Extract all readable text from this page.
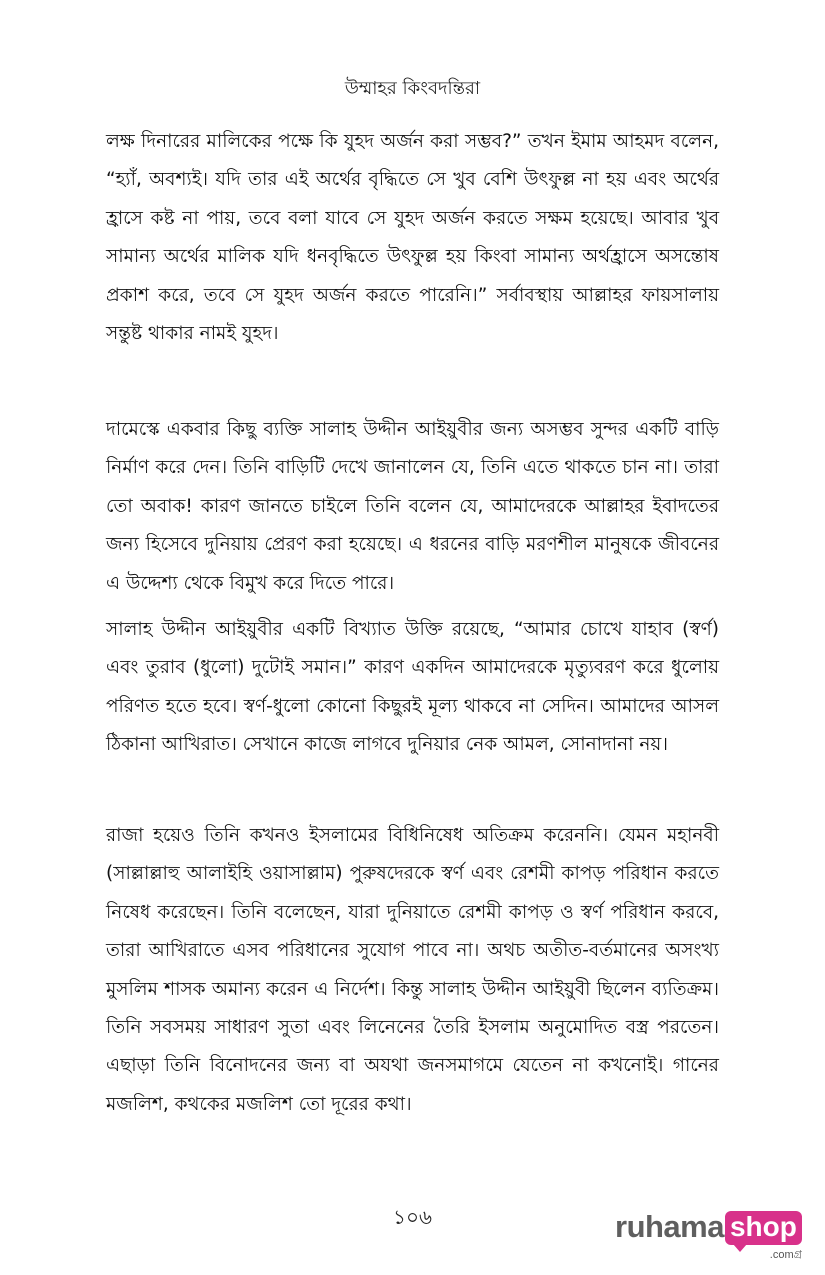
উম্মাহর কিংবদন্তিরা

লক্ষ দিনারের মালিকের পক্ষে কি যুহদ অর্জন করা সম্ভব?” তখন ইমাম আহমদ বলেন, “হ্যাঁ, অবশ্যই। যদি তার এই অর্থের বৃদ্ধিতে সে খুব বেশি উৎফুল্ল না হয় এবং অর্থের হ্রাসে কষ্ট না পায়, তবে বলা যাবে সে যুহদ অর্জন করতে সক্ষম হয়েছে। আবার খুব সামান্য অর্থের মালিক যদি ধনবৃদ্ধিতে উৎফুল্ল হয় কিংবা সামান্য অর্থহ্রাসে অসন্তোষ প্রকাশ করে, তবে সে যুহদ অর্জন করতে পারেনি।” সর্বাবস্থায় আল্লাহর ফায়সালায় সন্তুষ্ট থাকার নামই যুহদ।

দামেস্কে একবার কিছু ব্যক্তি সালাহ উদ্দীন আইয়ুবীর জন্য অসম্ভব সুন্দর একটি বাড়ি নির্মাণ করে দেন। তিনি বাড়িটি দেখে জানালেন যে, তিনি এতে থাকতে চান না। তারা তো অবাক! কারণ জানতে চাইলে তিনি বলেন যে, আমাদেরকে আল্লাহর ইবাদতের জন্য হিসেবে দুনিয়ায় প্রেরণ করা হয়েছে। এ ধরনের বাড়ি মরণশীল মানুষকে জীবনের এ উদ্দেশ্য থেকে বিমুখ করে দিতে পারে।

সালাহ উদ্দীন আইয়ুবীর একটি বিখ্যাত উক্তি রয়েছে, “আমার চোখে যাহাব (স্বর্ণ) এবং তুরাব (ধুলো) দুটোই সমান।” কারণ একদিন আমাদেরকে মৃত্যুবরণ করে ধুলোয় পরিণত হতে হবে। স্বর্ণ-ধুলো কোনো কিছুরই মূল্য থাকবে না সেদিন। আমাদের আসল ঠিকানা আখিরাত। সেখানে কাজে লাগবে দুনিয়ার নেক আমল, সোনাদানা নয়।

রাজা হয়েও তিনি কখনও ইসলামের বিধিনিষেধ অতিক্রম করেননি। যেমন মহানবী (সাল্লাল্লাহু আলাইহি ওয়াসাল্লাম) পুরুষদেরকে স্বর্ণ এবং রেশমী কাপড় পরিধান করতে নিষেধ করেছেন। তিনি বলেছেন, যারা দুনিয়াতে রেশমী কাপড় ও স্বর্ণ পরিধান করবে, তারা আখিরাতে এসব পরিধানের সুযোগ পাবে না। অথচ অতীত-বর্তমানের অসংখ্য মুসলিম শাসক অমান্য করেন এ নির্দেশ। কিন্তু সালাহ উদ্দীন আইয়ুবী ছিলেন ব্যতিক্রম। তিনি সবসময় সাধারণ সুতা এবং লিনেনের তৈরি ইসলাম অনুমোদিত বস্ত্র পরতেন। এছাড়া তিনি বিনোদনের জন্য বা অযথা জনসমাগমে যেতেন না কখনোই। গানের মজলিশ, কথকের মজলিশ তো দূরের কথা।

১০৬	ruhama shop
.comগ্র
